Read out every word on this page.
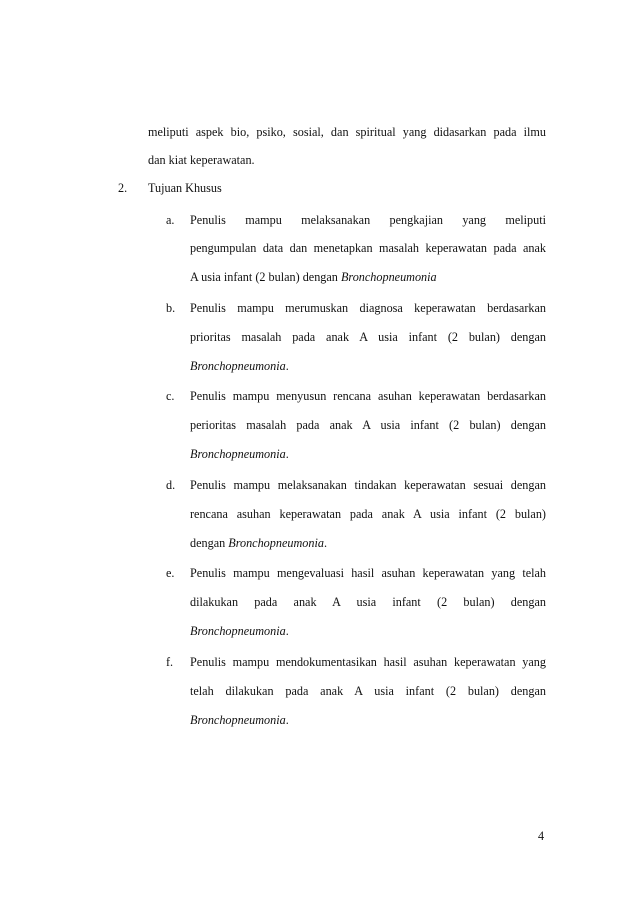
meliputi aspek bio, psiko, sosial, dan spiritual yang didasarkan pada ilmu
dan kiat keperawatan.
2. Tujuan Khusus
a. Penulis mampu melaksanakan pengkajian yang meliputi
pengumpulan data dan menetapkan masalah keperawatan pada anak
A usia infant (2 bulan) dengan Bronchopneumonia
b. Penulis mampu merumuskan diagnosa keperawatan berdasarkan
prioritas masalah pada anak A usia infant (2 bulan) dengan
Bronchopneumonia.
c. Penulis mampu menyusun rencana asuhan keperawatan berdasarkan
perioritas masalah pada anak A usia infant (2 bulan) dengan
Bronchopneumonia.
d. Penulis mampu melaksanakan tindakan keperawatan sesuai dengan
rencana asuhan keperawatan pada anak A usia infant (2 bulan)
dengan Bronchopneumonia.
e. Penulis mampu mengevaluasi hasil asuhan keperawatan yang telah
dilakukan pada anak A usia infant (2 bulan) dengan
Bronchopneumonia.
f. Penulis mampu mendokumentasikan hasil asuhan keperawatan yang
telah dilakukan pada anak A usia infant (2 bulan) dengan
Bronchopneumonia.
4
